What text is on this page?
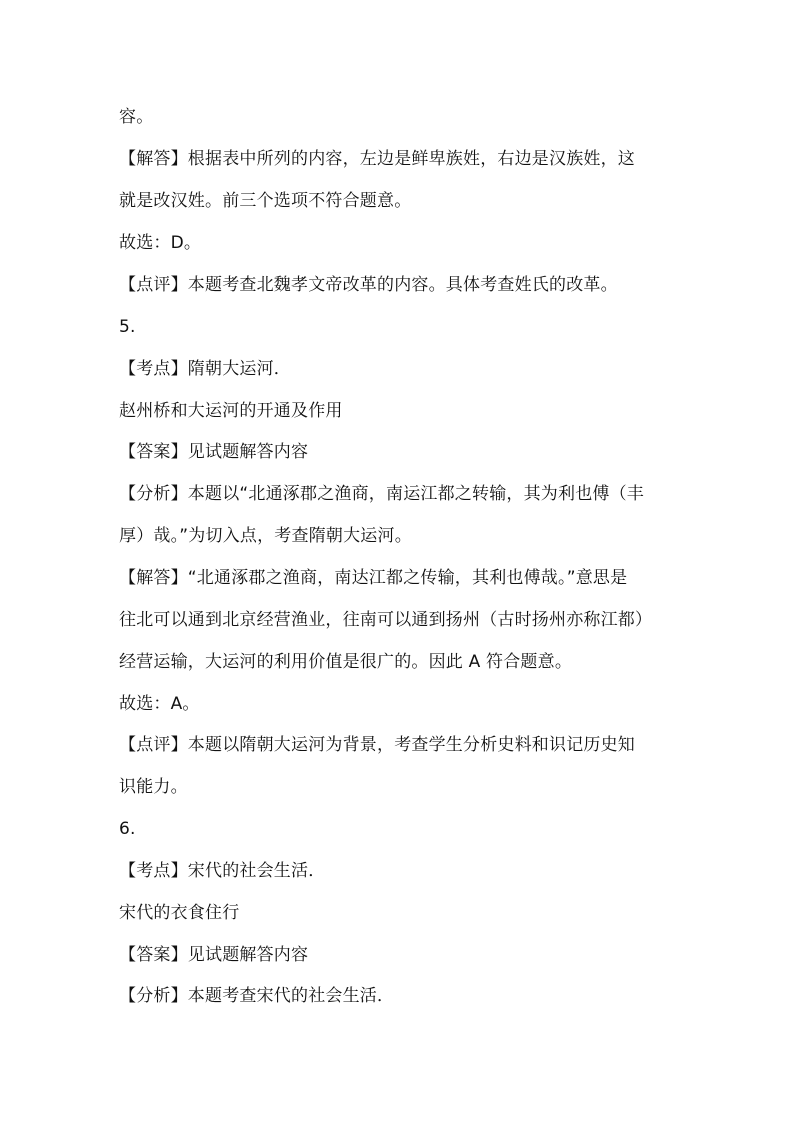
容。
【解答】根据表中所列的内容，左边是鲜卑族姓，右边是汉族姓，这
就是改汉姓。前三个选项不符合题意。
故选：D。
【点评】本题考查北魏孝文帝改革的内容。具体考查姓氏的改革。
5.
【考点】隋朝大运河．
赵州桥和大运河的开通及作用
【答案】见试题解答内容
【分析】本题以“北通涿郡之渔商，南运江都之转输，其为利也傅（丰
厚）哉。”为切入点，考查隋朝大运河。
【解答】“北通涿郡之渔商，南达江都之传输，其利也傅哉。”意思是
往北可以通到北京经营渔业，往南可以通到扬州（古时扬州亦称江都）
经营运输，大运河的利用价值是很广的。因此 A 符合题意。
故选：A。
【点评】本题以隋朝大运河为背景，考查学生分析史料和识记历史知
识能力。
6.
【考点】宋代的社会生活．
宋代的衣食住行
【答案】见试题解答内容
【分析】本题考查宋代的社会生活．
